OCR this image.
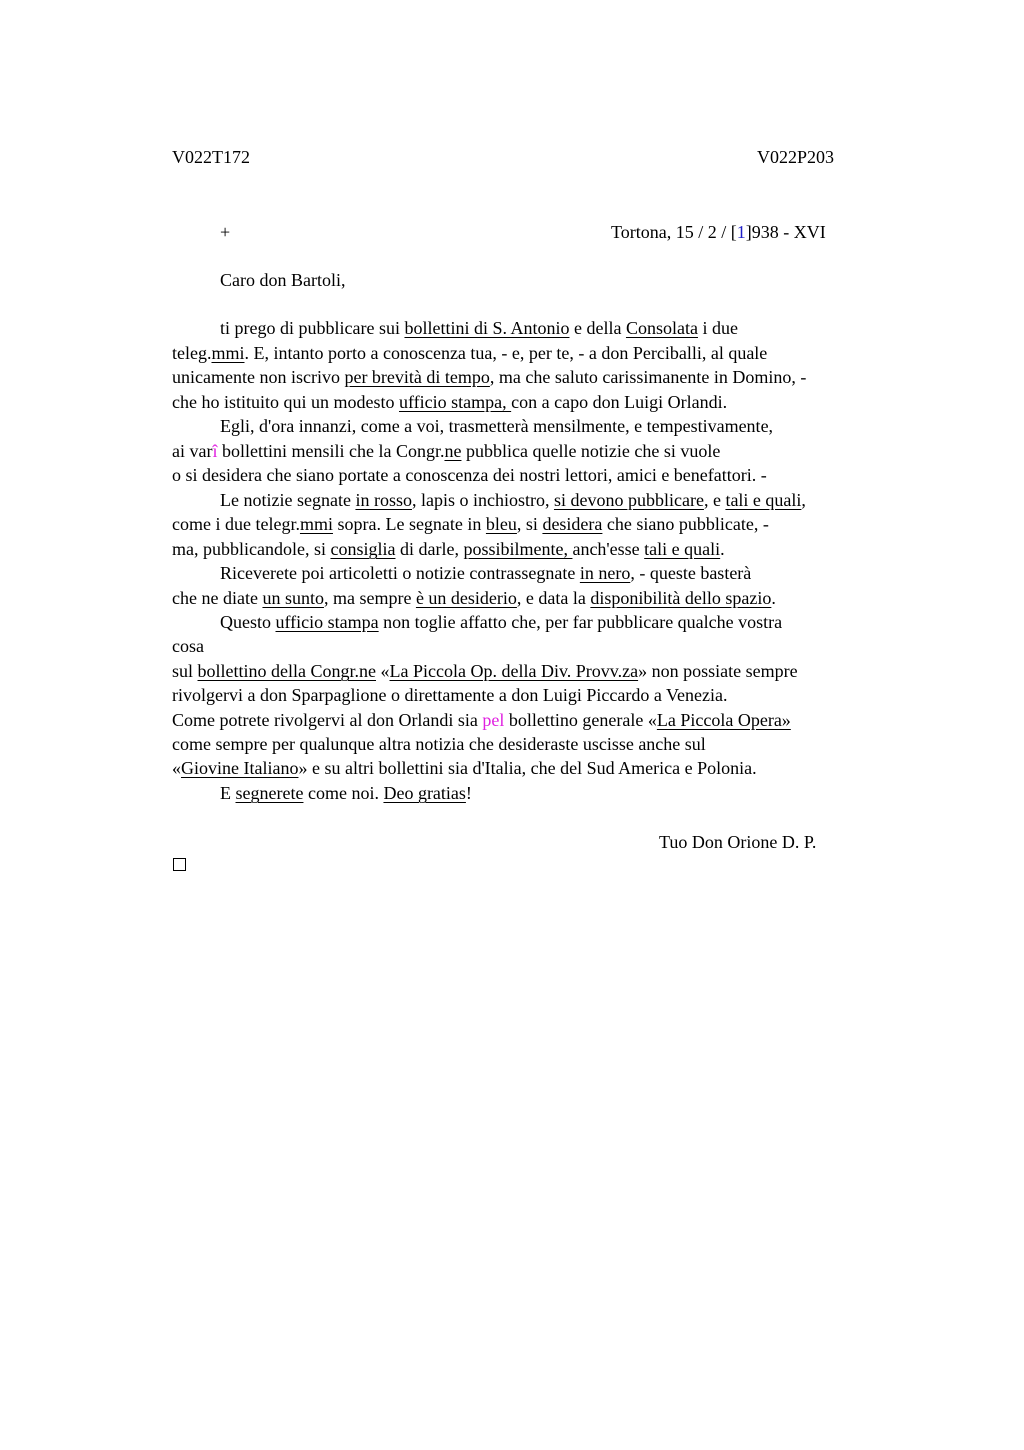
V022T172	V022P203
+	Tortona, 15 / 2 / [1]938 - XVI
Caro don Bartoli,
ti prego di pubblicare sui bollettini di S. Antonio e della Consolata i due
teleg.mmi. E, intanto porto a conoscenza tua, - e, per te, - a don Perciballi, al quale
unicamente non iscrivo per brevità di tempo, ma che saluto carissimanente in Domino, -
che ho istituito qui un modesto ufficio stampa, con a capo don Luigi Orlandi.
Egli, d'ora innanzi, come a voi, trasmetterà mensilmente, e tempestivamente,
ai varî bollettini mensili che la Congr.ne pubblica quelle notizie che si vuole
o si desidera che siano portate a conoscenza dei nostri lettori, amici e benefattori. -
Le notizie segnate in rosso, lapis o inchiostro, si devono pubblicare, e tali e quali,
come i due telegr.mmi sopra. Le segnate in bleu, si desidera che siano pubblicate, -
ma, pubblicandole, si consiglia di darle, possibilmente, anch'esse tali e quali.
Riceverete poi articoletti o notizie contrassegnate in nero, - queste basterà
che ne diate un sunto, ma sempre è un desiderio, e data la disponibilità dello spazio.
Questo ufficio stampa non toglie affatto che, per far pubblicare qualche vostra
cosa
sul bollettino della Congr.ne «La Piccola Op. della Div. Provv.za» non possiate sempre
rivolgervi a don Sparpaglione o direttamente a don Luigi Piccardo a Venezia.
Come potrete rivolgervi al don Orlandi sia pel bollettino generale «La Piccola Opera»
come sempre per qualunque altra notizia che desideraste uscisse anche sul
«Giovine Italiano» e su altri bollettini sia d'Italia, che del Sud America e Polonia.
E segnerete come noi. Deo gratias!
Tuo Don Orione D. P.
